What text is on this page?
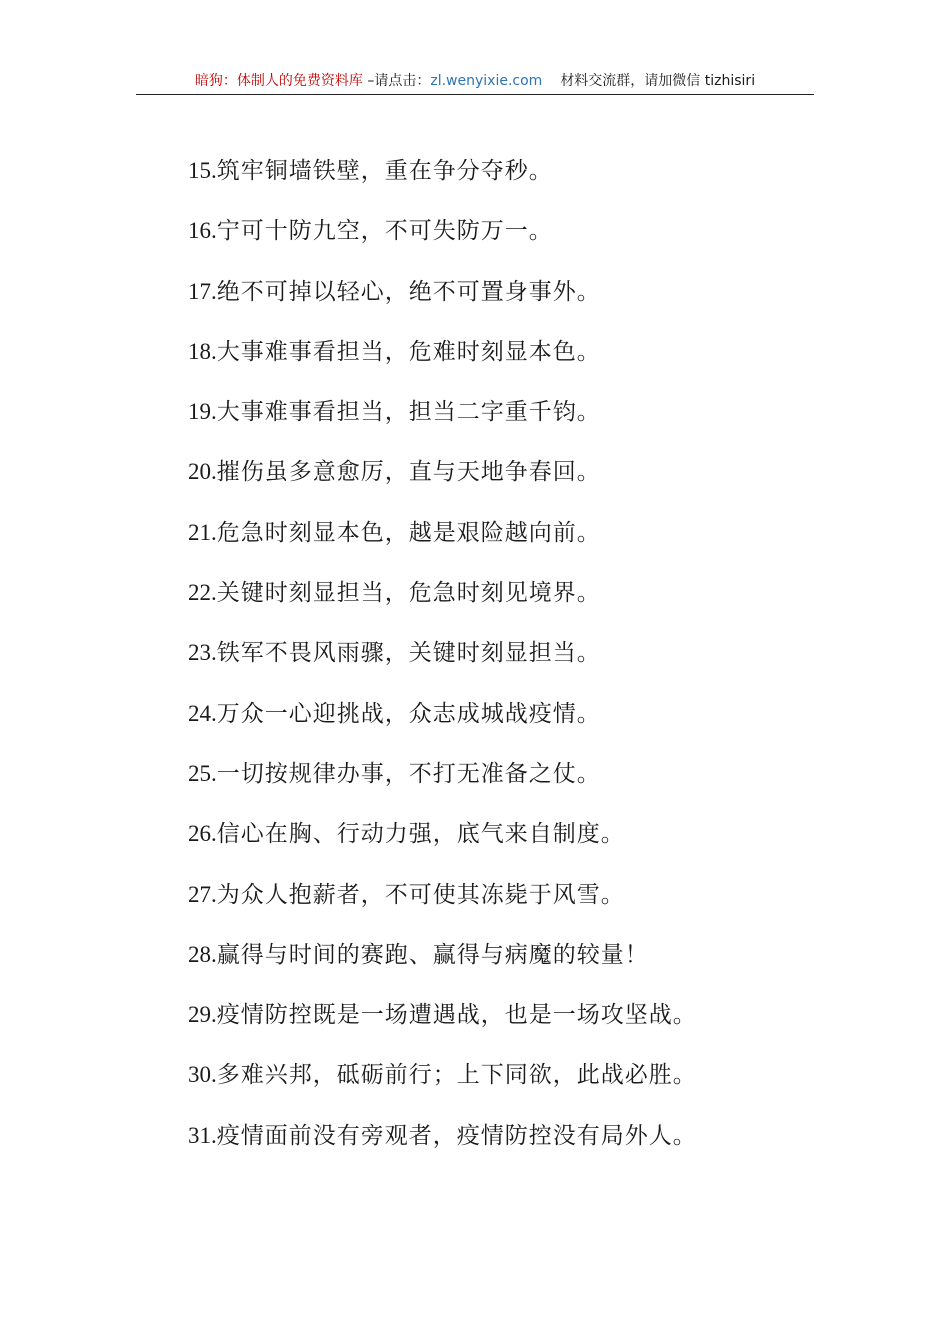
暗狗：体制人的免费资料库 –请点击：zl.wenyixie.com 材料交流群，请加微信 tizhisiri
15.筑牢铜墙铁壁，重在争分夺秒。
16.宁可十防九空，不可失防万一。
17.绝不可掉以轻心，绝不可置身事外。
18.大事难事看担当，危难时刻显本色。
19.大事难事看担当，担当二字重千钧。
20.摧伤虽多意愈厉，直与天地争春回。
21.危急时刻显本色，越是艰险越向前。
22.关键时刻显担当，危急时刻见境界。
23.铁军不畏风雨骤，关键时刻显担当。
24.万众一心迎挑战，众志成城战疫情。
25.一切按规律办事，不打无准备之仗。
26.信心在胸、行动力强，底气来自制度。
27.为众人抱薪者，不可使其冻毙于风雪。
28.赢得与时间的赛跑、赢得与病魔的较量！
29.疫情防控既是一场遭遇战，也是一场攻坚战。
30.多难兴邦，砥砺前行；上下同欲，此战必胜。
31.疫情面前没有旁观者，疫情防控没有局外人。
